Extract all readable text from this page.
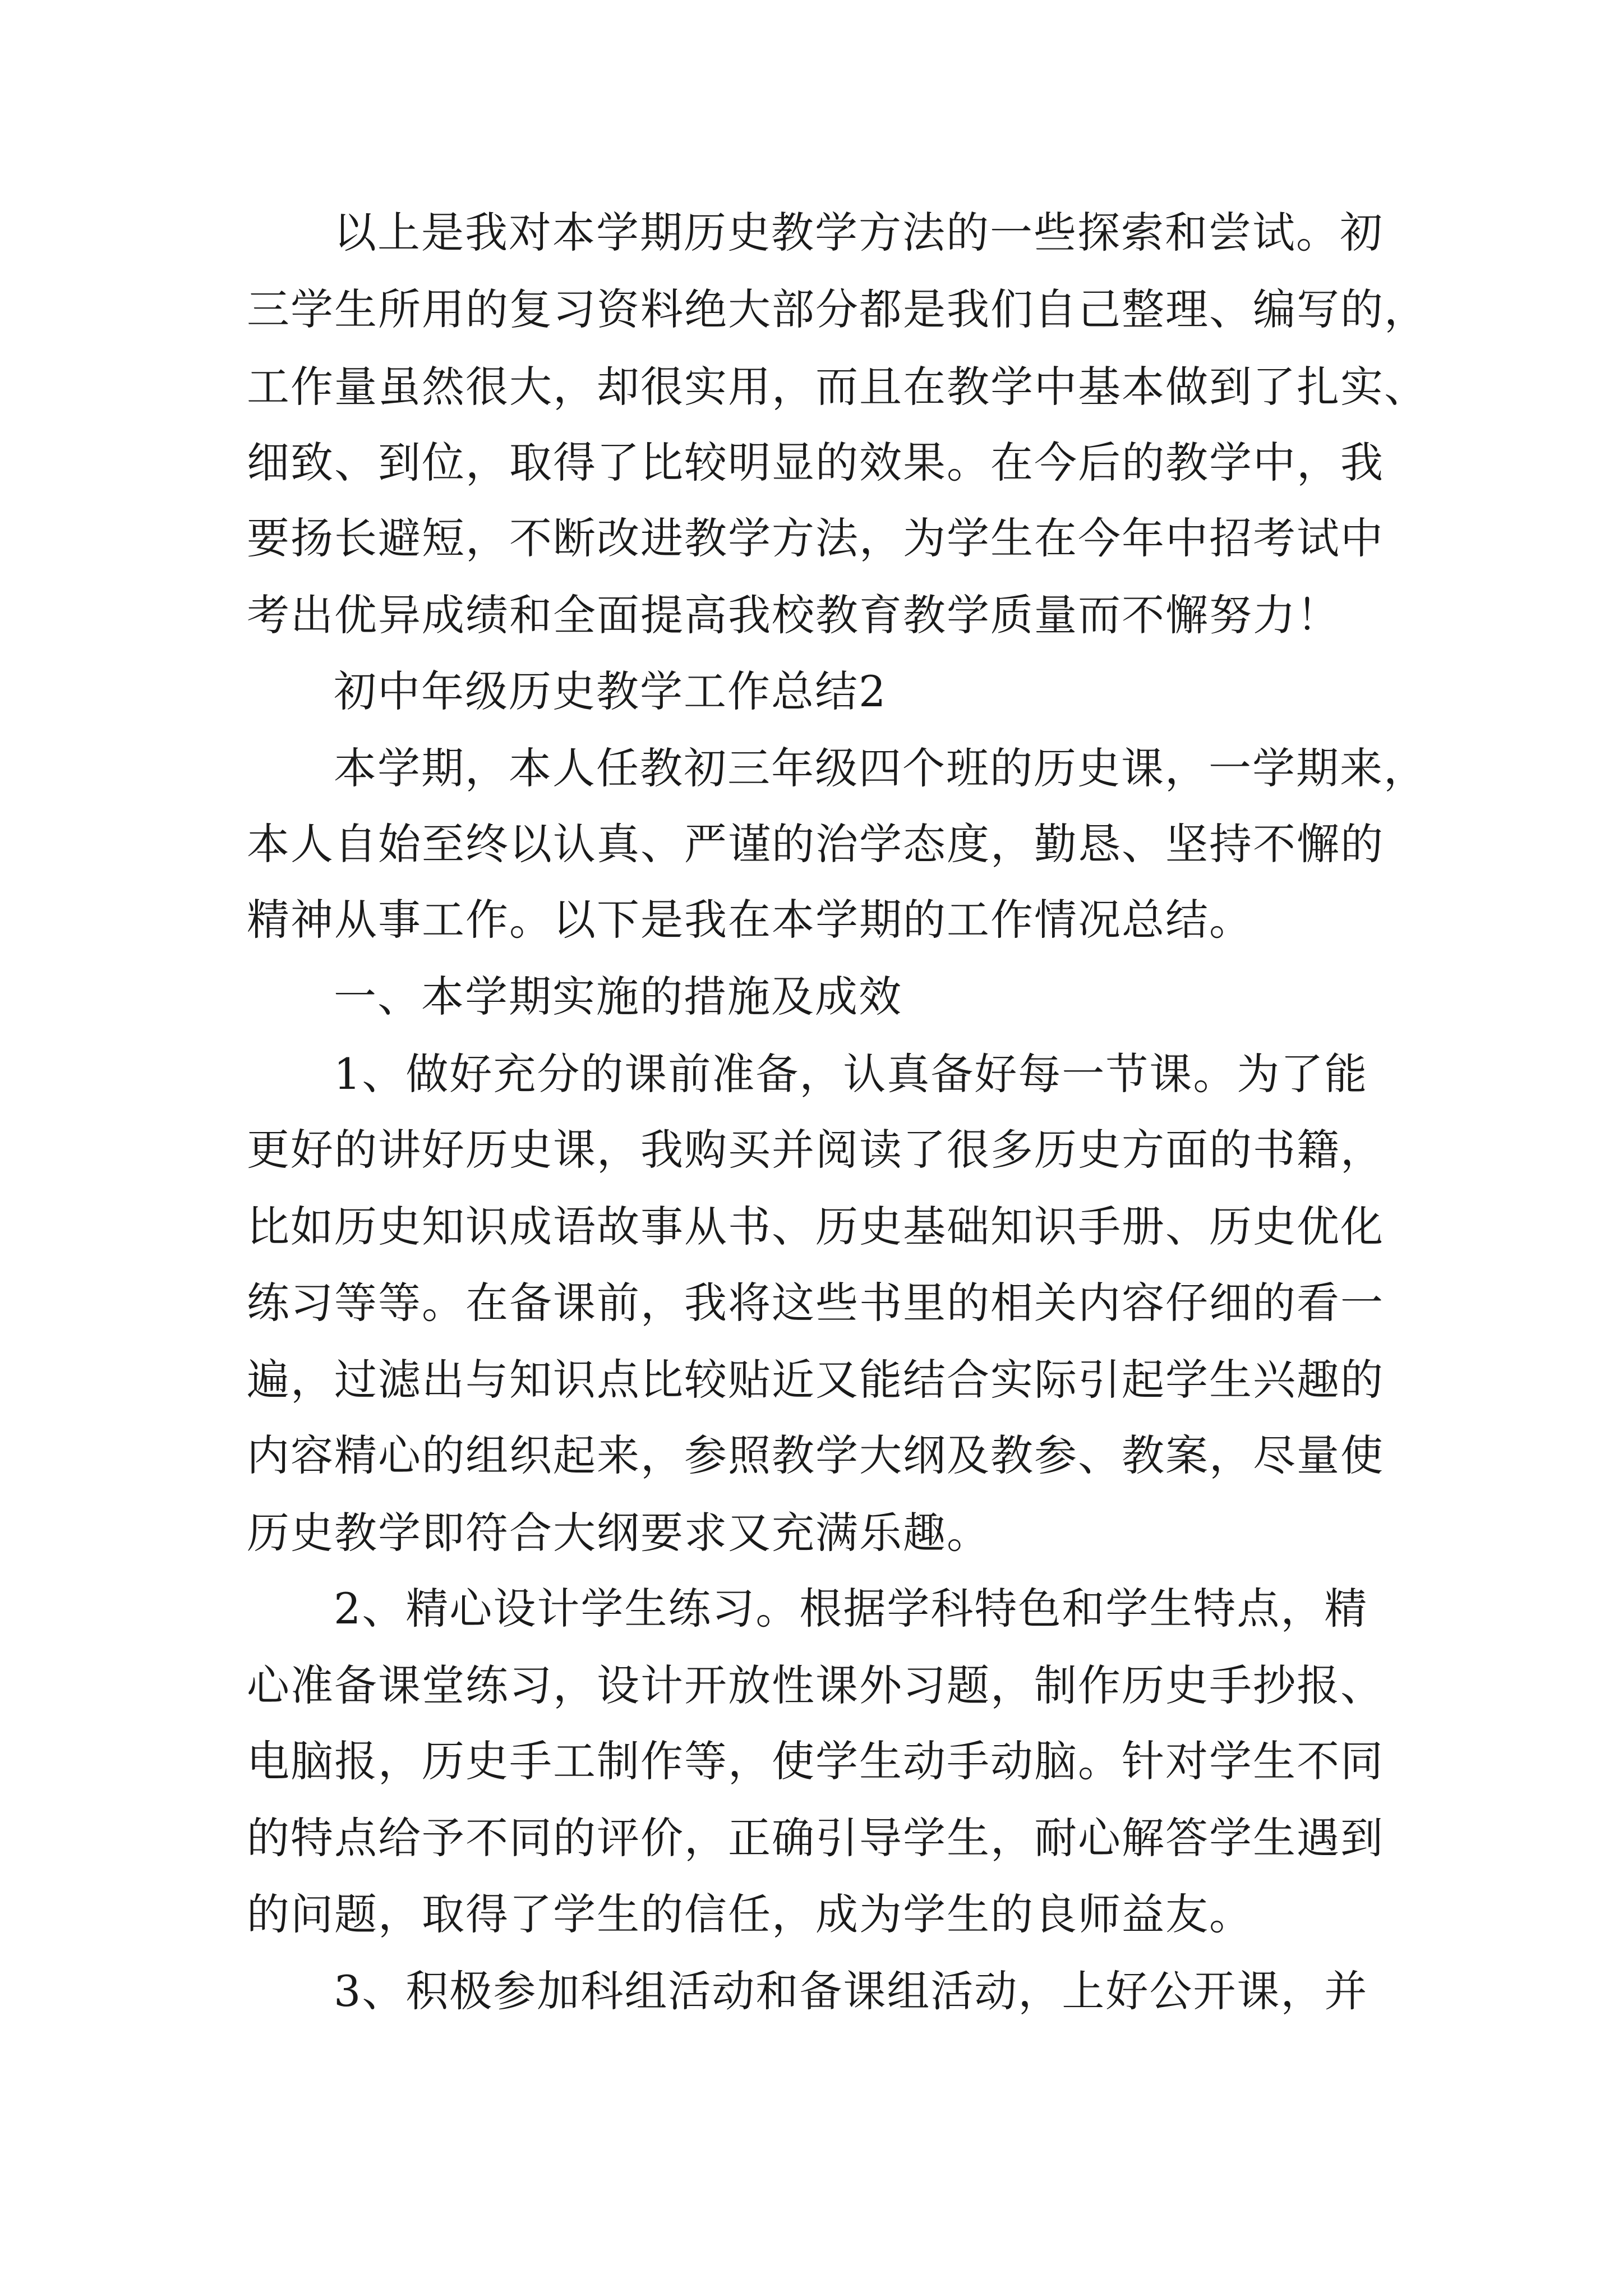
以上是我对本学期历史教学方法的一些探索和尝试。初
三学生所用的复习资料绝大部分都是我们自己整理、编写的，
工作量虽然很大，却很实用，而且在教学中基本做到了扎实、
细致、到位，取得了比较明显的效果。在今后的教学中，我
要扬长避短，不断改进教学方法，为学生在今年中招考试中
考出优异成绩和全面提高我校教育教学质量而不懈努力！
初中年级历史教学工作总结2
本学期，本人任教初三年级四个班的历史课，一学期来，
本人自始至终以认真、严谨的治学态度，勤恳、坚持不懈的
精神从事工作。以下是我在本学期的工作情况总结。
一、本学期实施的措施及成效
1、做好充分的课前准备，认真备好每一节课。为了能
更好的讲好历史课，我购买并阅读了很多历史方面的书籍，
比如历史知识成语故事从书、历史基础知识手册、历史优化
练习等等。在备课前，我将这些书里的相关内容仔细的看一
遍，过滤出与知识点比较贴近又能结合实际引起学生兴趣的
内容精心的组织起来，参照教学大纲及教参、教案，尽量使
历史教学即符合大纲要求又充满乐趣。
2、精心设计学生练习。根据学科特色和学生特点，精
心准备课堂练习，设计开放性课外习题，制作历史手抄报、
电脑报，历史手工制作等，使学生动手动脑。针对学生不同
的特点给予不同的评价，正确引导学生，耐心解答学生遇到
的问题，取得了学生的信任，成为学生的良师益友。
3、积极参加科组活动和备课组活动，上好公开课，并
